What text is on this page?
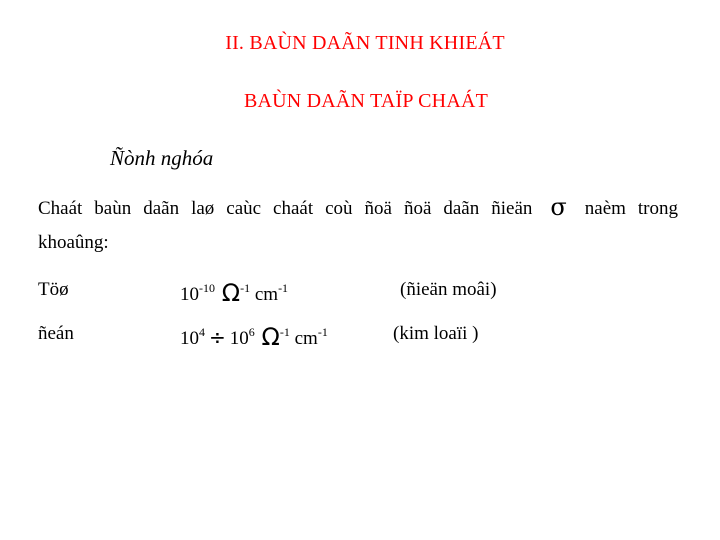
II. BAÙN DAÃN TINH KHIEÁT
BAÙN DAÃN TAÏP CHAÁT
Ñònh nghóa
Chaát baùn daãn laø caùc chaát coù ñoä ñoä daãn ñieän σ naèm trong khoaûng:
Töø	$10^{-10}$ $\Omega^{-1}$ $cm^{-1}$	(ñieän moâi)
ñeán	$10^4 \div 10^6$ $\Omega^{-1}$ $cm^{-1}$	(kim loaïi )
